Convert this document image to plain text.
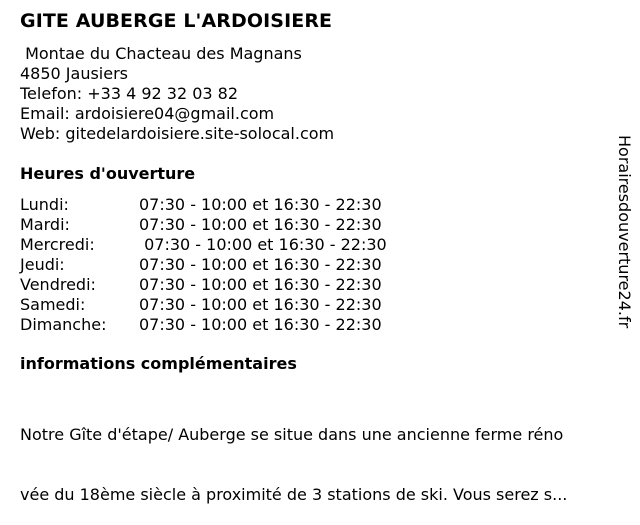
GITE AUBERGE L'ARDOISIERE
Montae du Chacteau des Magnans
4850 Jausiers
Telefon: +33 4 92 32 03 82
Email: ardoisiere04@gmail.com
Web: gitedelardoisiere.site-solocal.com
Heures d'ouverture
Lundi:	07:30 - 10:00 et 16:30 - 22:30
Mardi:	07:30 - 10:00 et 16:30 - 22:30
Mercredi:	07:30 - 10:00 et 16:30 - 22:30
Jeudi:	07:30 - 10:00 et 16:30 - 22:30
Vendredi:	07:30 - 10:00 et 16:30 - 22:30
Samedi:	07:30 - 10:00 et 16:30 - 22:30
Dimanche: 07:30 - 10:00 et 16:30 - 22:30
informations complémentaires

Notre Gîte d'étape/ Auberge se situe dans une ancienne ferme réno

vée du 18ème siècle à proximité de 3 stations de ski. Vous serez s...

Horairesdouverture24.fr
